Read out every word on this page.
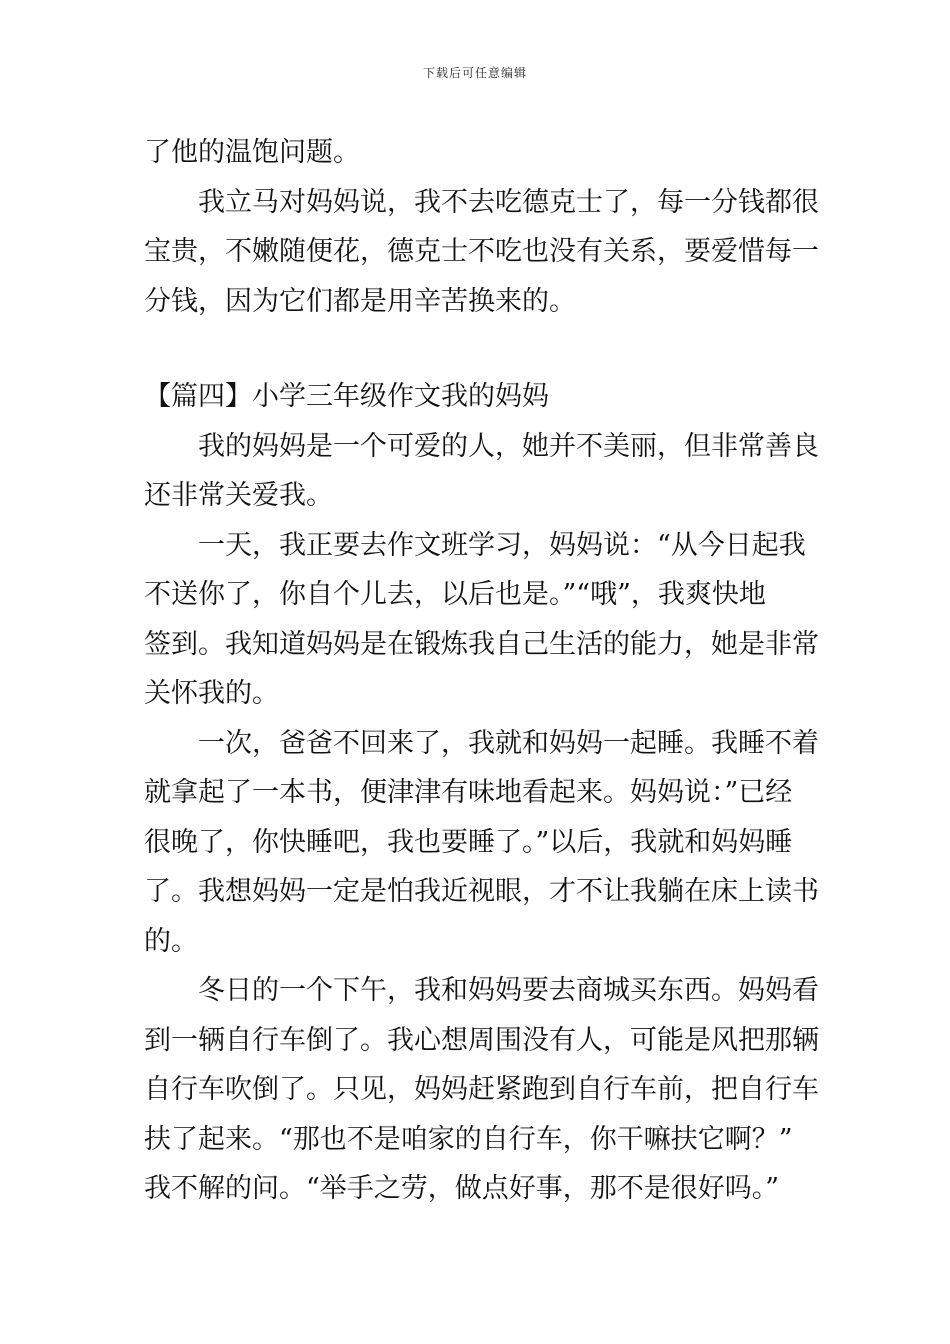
下载后可任意编辑
了他的温饱问题。
我立马对妈妈说，我不去吃德克士了，每一分钱都很
宝贵，不嫩随便花，德克士不吃也没有关系，要爱惜每一
分钱，因为它们都是用辛苦换来的。
【篇四】小学三年级作文我的妈妈
我的妈妈是一个可爱的人，她并不美丽，但非常善良
还非常关爱我。
一天，我正要去作文班学习，妈妈说：“从今日起我
不送你了，你自个儿去，以后也是。”“哦”，我爽快地
签到。我知道妈妈是在锻炼我自己生活的能力，她是非常
关怀我的。
一次，爸爸不回来了，我就和妈妈一起睡。我睡不着
就拿起了一本书，便津津有味地看起来。妈妈说：”已经
很晚了，你快睡吧，我也要睡了。”以后，我就和妈妈睡
了。我想妈妈一定是怕我近视眼，才不让我躺在床上读书
的。
冬日的一个下午，我和妈妈要去商城买东西。妈妈看
到一辆自行车倒了。我心想周围没有人，可能是风把那辆
自行车吹倒了。只见，妈妈赶紧跑到自行车前，把自行车
扶了起来。“那也不是咱家的自行车，你干嘛扶它啊？”
我不解的问。“举手之劳，做点好事，那不是很好吗。”
